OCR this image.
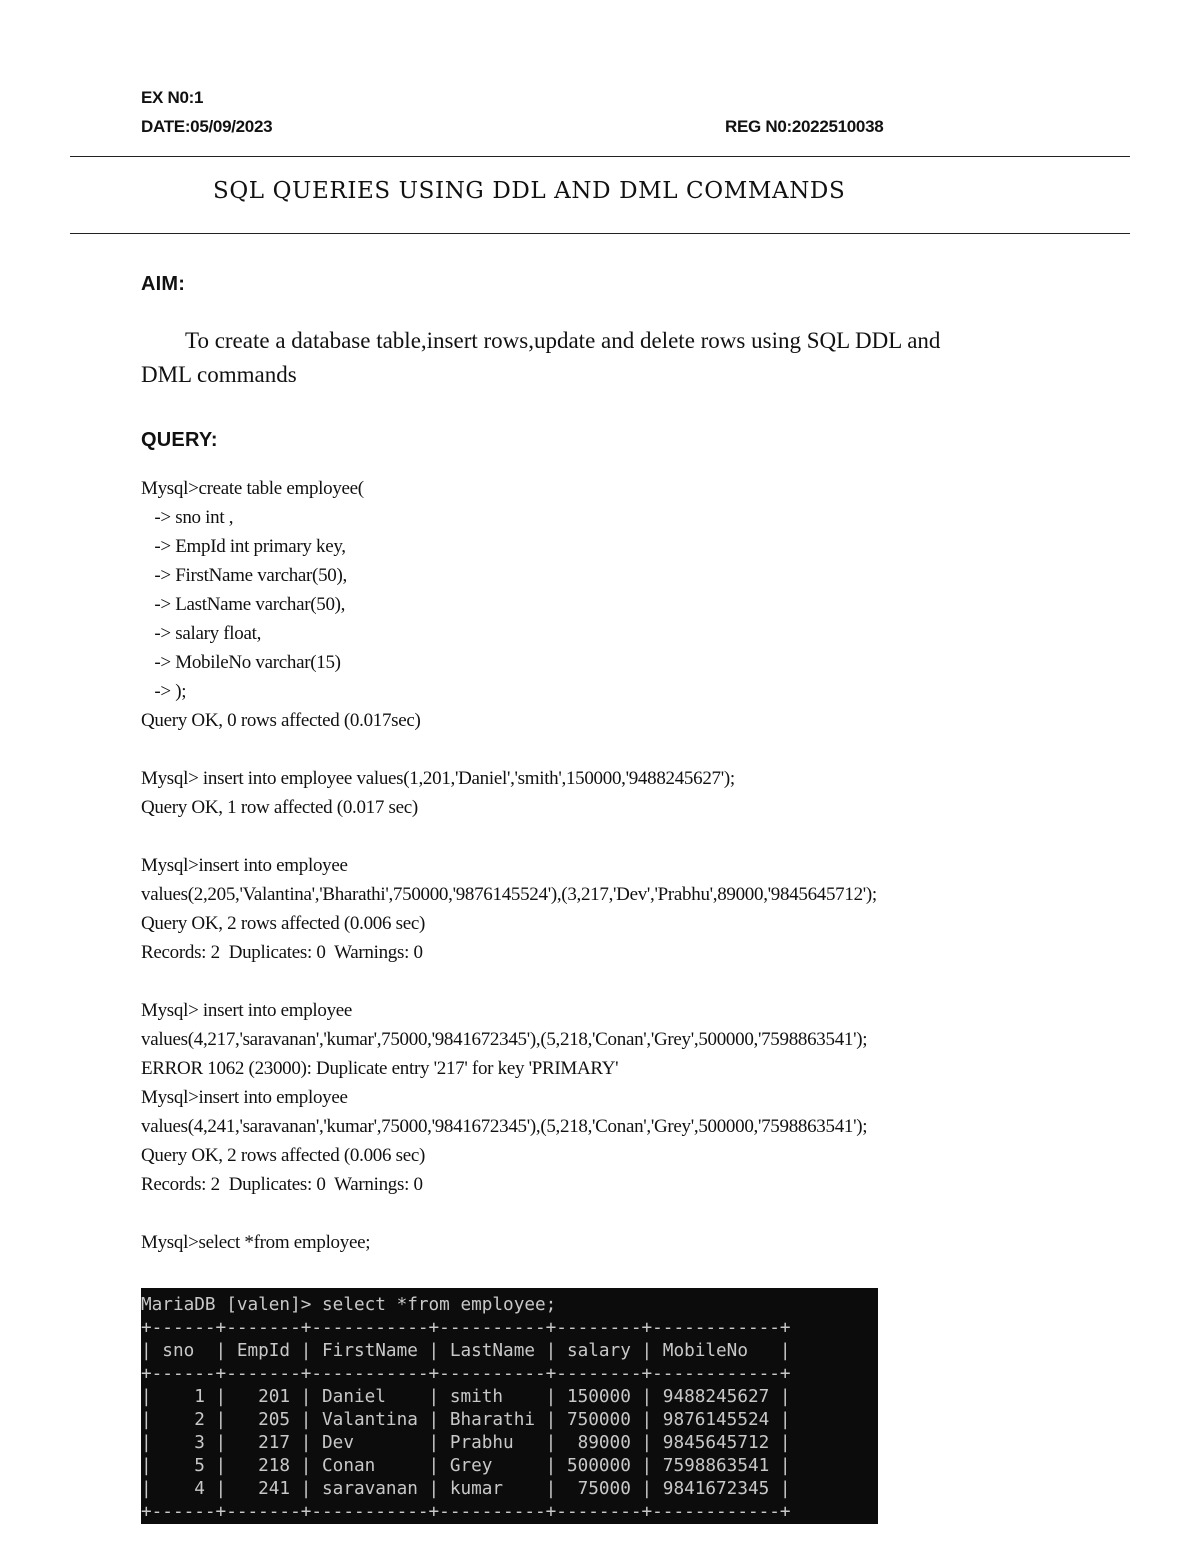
EX N0:1
DATE:05/09/2023	REG N0:2022510038
SQL QUERIES USING DDL AND DML COMMANDS
AIM:
To create a database table,insert rows,update and delete rows using SQL DDL and
DML commands
QUERY:
Mysql>create table employee(
-> sno int ,
-> EmpId int primary key,
-> FirstName varchar(50),
-> LastName varchar(50),
-> salary float,
-> MobileNo varchar(15)
-> );
Query OK, 0 rows affected (0.017sec)
Mysql> insert into employee values(1,201,'Daniel','smith',150000,'9488245627');
Query OK, 1 row affected (0.017 sec)
Mysql>insert into employee
values(2,205,'Valantina','Bharathi',750000,'9876145524'),(3,217,'Dev','Prabhu',89000,'9845645712');
Query OK, 2 rows affected (0.006 sec)
Records: 2  Duplicates: 0  Warnings: 0
Mysql> insert into employee
values(4,217,'saravanan','kumar',75000,'9841672345'),(5,218,'Conan','Grey',500000,'7598863541');
ERROR 1062 (23000): Duplicate entry '217' for key 'PRIMARY'
Mysql>insert into employee
values(4,241,'saravanan','kumar',75000,'9841672345'),(5,218,'Conan','Grey',500000,'7598863541');
Query OK, 2 rows affected (0.006 sec)
Records: 2  Duplicates: 0  Warnings: 0
Mysql>select *from employee;
MariaDB [valen]> select *from employee;
+------+-------+-----------+----------+--------+------------+
| sno  | EmpId | FirstName | LastName | salary | MobileNo   |
+------+-------+-----------+----------+--------+------------+
|    1 |   201 | Daniel    | smith    | 150000 | 9488245627 |
|    2 |   205 | Valantina | Bharathi | 750000 | 9876145524 |
|    3 |   217 | Dev       | Prabhu   |  89000 | 9845645712 |
|    5 |   218 | Conan     | Grey     | 500000 | 7598863541 |
|    4 |   241 | saravanan | kumar    |  75000 | 9841672345 |
+------+-------+-----------+----------+--------+------------+
